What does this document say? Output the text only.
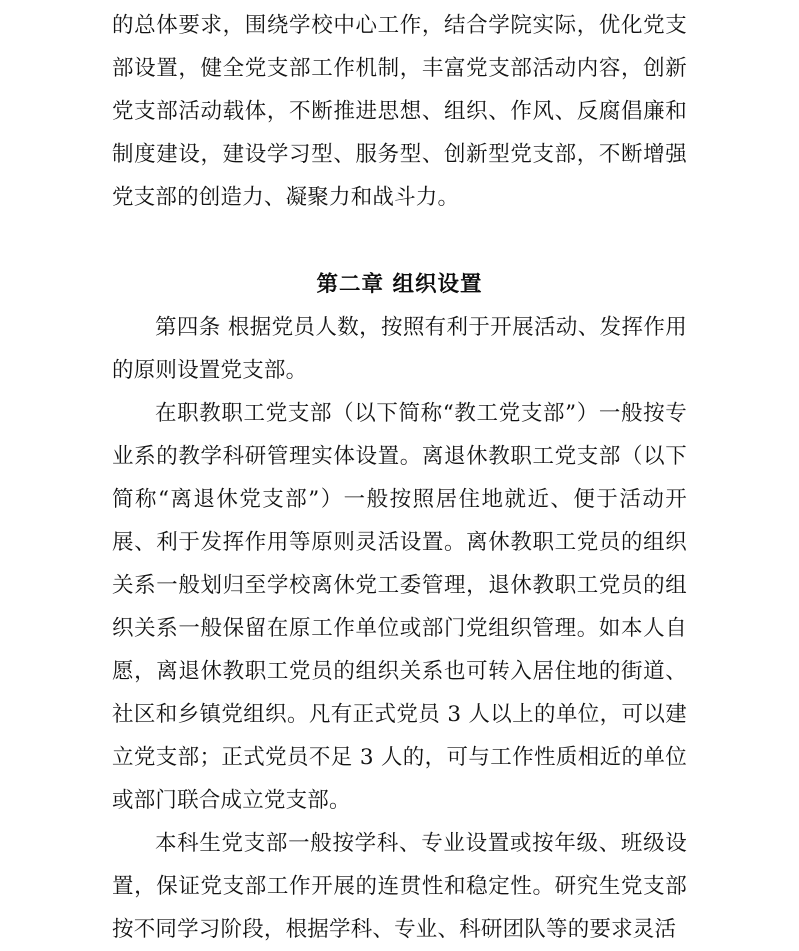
的总体要求，围绕学校中心工作，结合学院实际，优化党支部设置，健全党支部工作机制，丰富党支部活动内容，创新党支部活动载体，不断推进思想、组织、作风、反腐倡廉和制度建设，建设学习型、服务型、创新型党支部，不断增强党支部的创造力、凝聚力和战斗力。

第二章 组织设置

第四条 根据党员人数，按照有利于开展活动、发挥作用的原则设置党支部。

在职教职工党支部（以下简称“教工党支部”）一般按专业系的教学科研管理实体设置。离退休教职工党支部（以下简称“离退休党支部”）一般按照居住地就近、便于活动开展、利于发挥作用等原则灵活设置。离休教职工党员的组织关系一般划归至学校离休党工委管理，退休教职工党员的组织关系一般保留在原工作单位或部门党组织管理。如本人自愿，离退休教职工党员的组织关系也可转入居住地的街道、社区和乡镇党组织。凡有正式党员 3 人以上的单位，可以建立党支部；正式党员不足 3 人的，可与工作性质相近的单位或部门联合成立党支部。

本科生党支部一般按学科、专业设置或按年级、班级设置，保证党支部工作开展的连贯性和稳定性。研究生党支部按不同学习阶段，根据学科、专业、科研团队等的要求灵活
